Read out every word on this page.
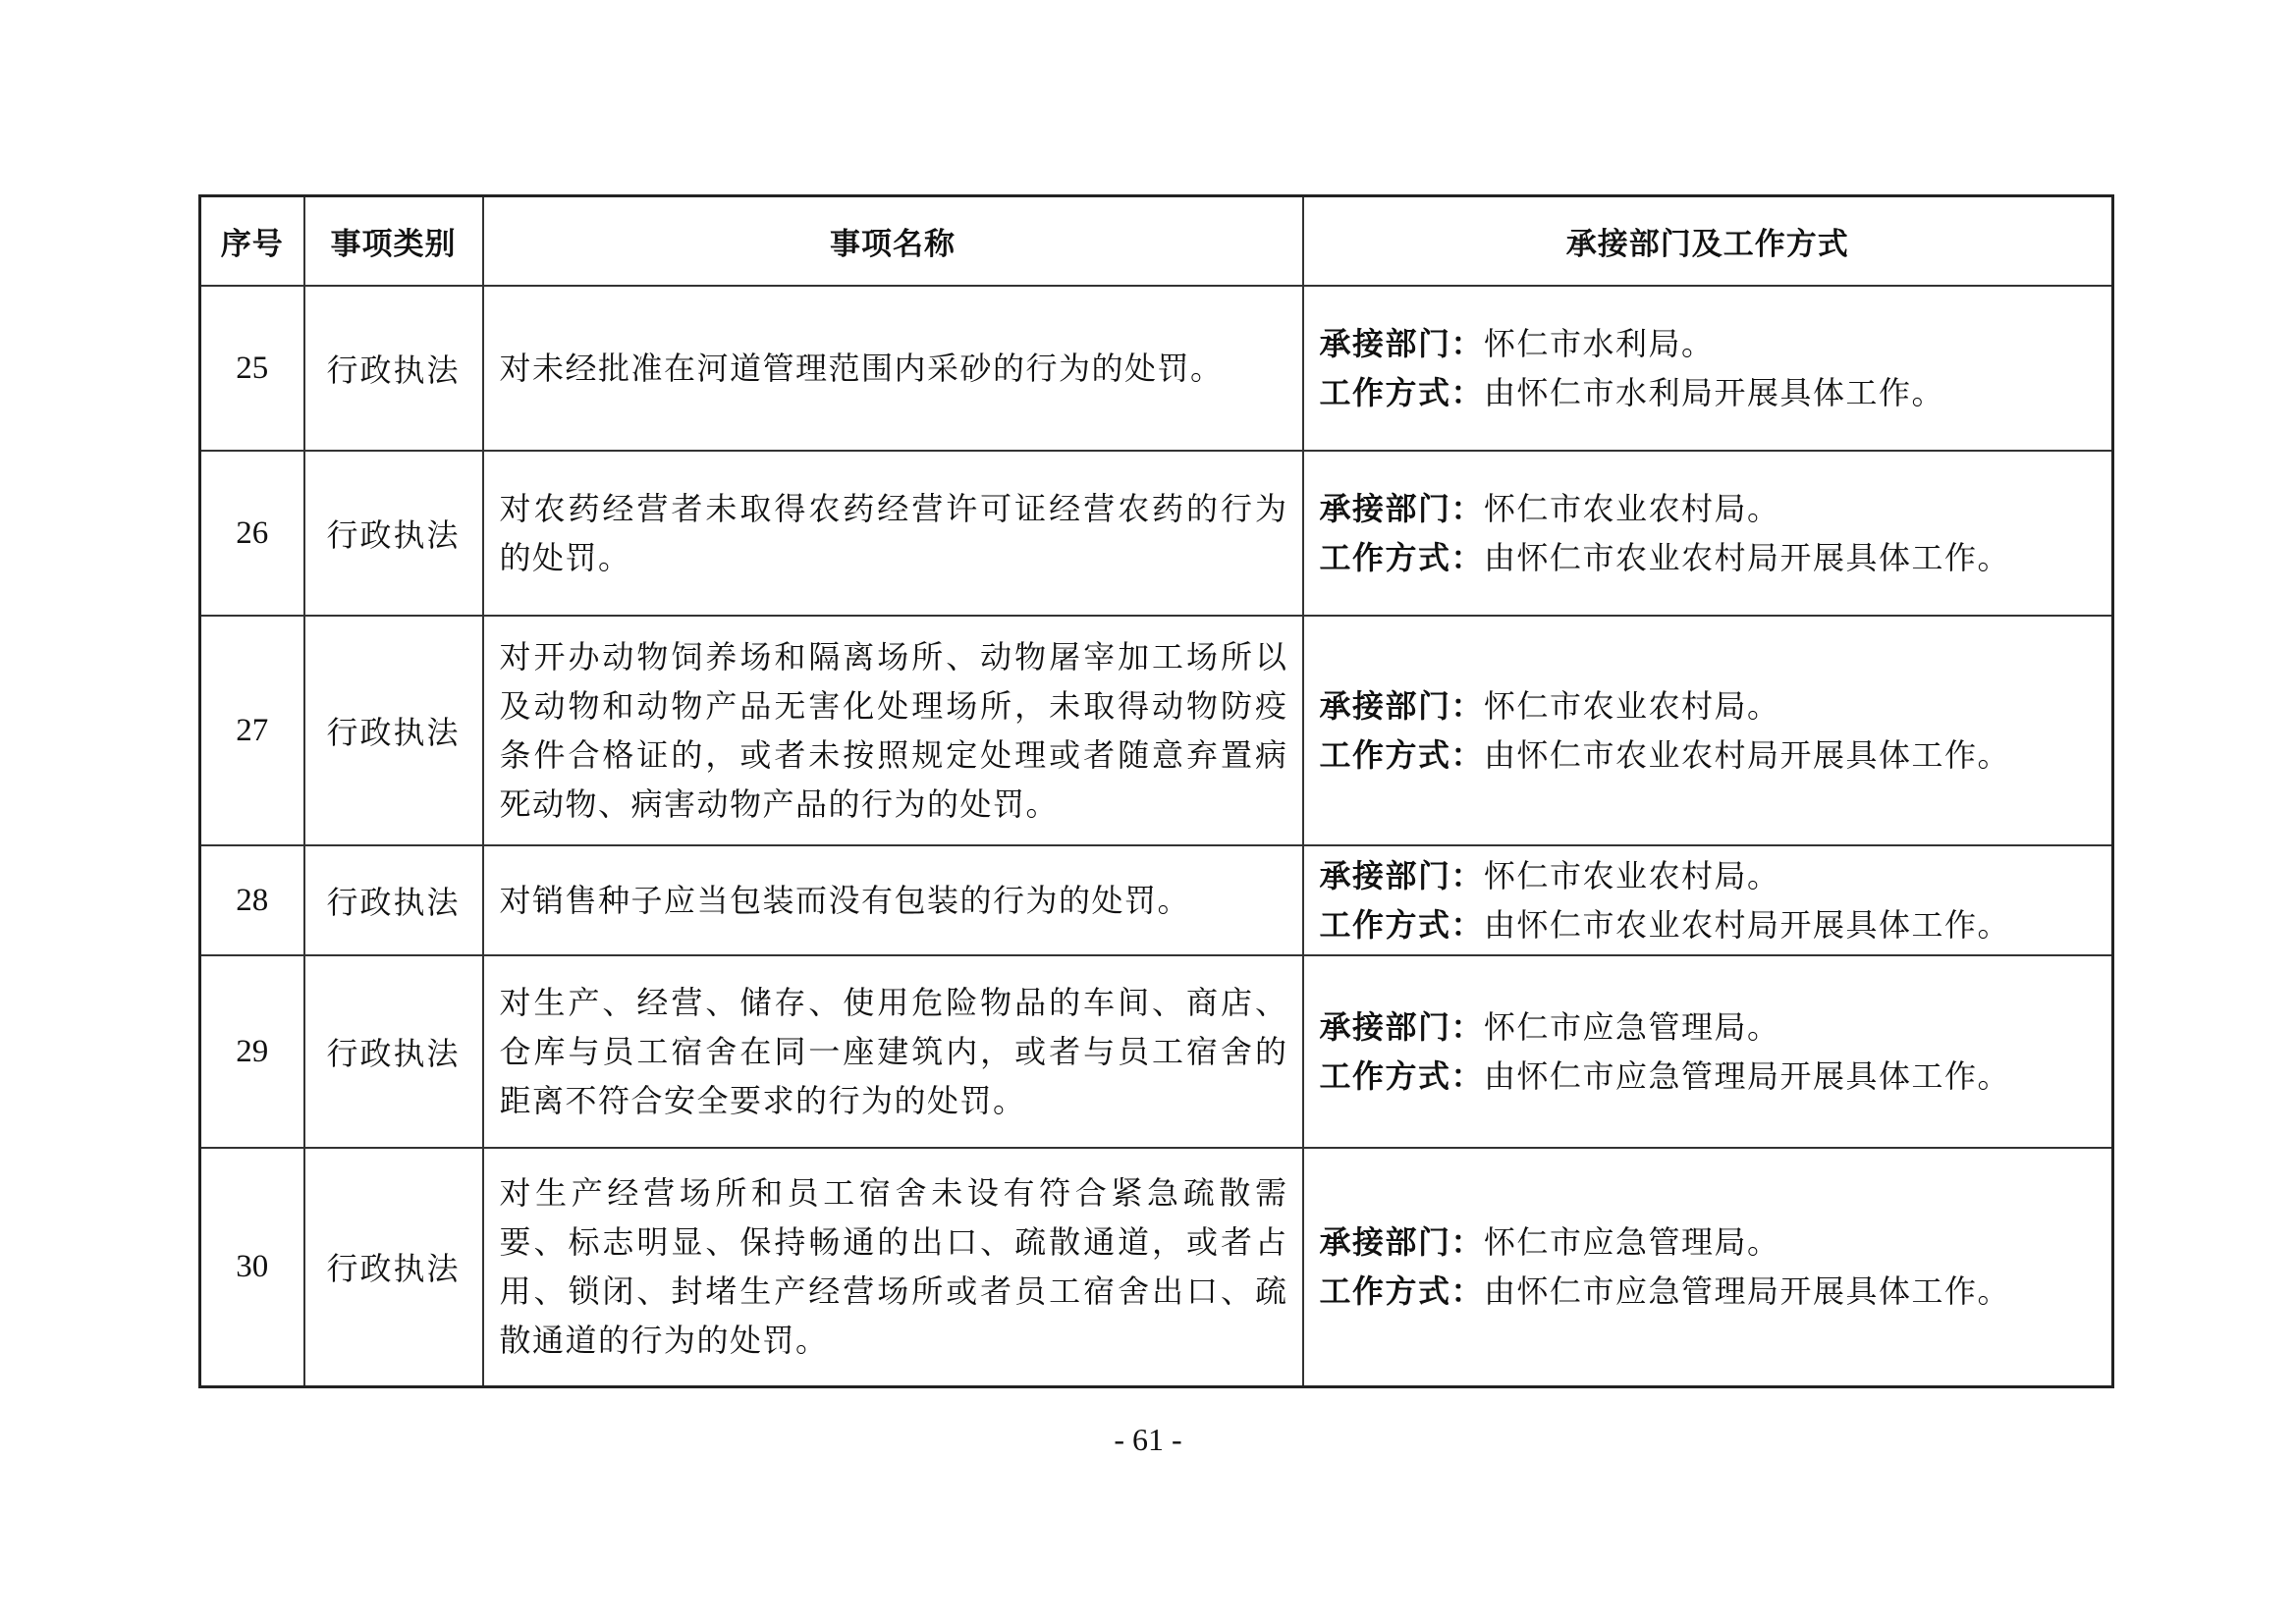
序号	事项类别	事项名称	承接部门及工作方式
25	行政执法	对未经批准在河道管理范围内采砂的行为的处罚。	承接部门：怀仁市水利局。
工作方式：由怀仁市水利局开展具体工作。

26	行政执法	对农药经营者未取得农药经营许可证经营农药的行为的处罚。	承接部门：怀仁市农业农村局。
工作方式：由怀仁市农业农村局开展具体工作。

27	行政执法	对开办动物饲养场和隔离场所、动物屠宰加工场所以及动物和动物产品无害化处理场所，未取得动物防疫条件合格证的，或者未按照规定处理或者随意弃置病死动物、病害动物产品的行为的处罚。	承接部门：怀仁市农业农村局。
工作方式：由怀仁市农业农村局开展具体工作。

28	行政执法	对销售种子应当包装而没有包装的行为的处罚。	承接部门：怀仁市农业农村局。
工作方式：由怀仁市农业农村局开展具体工作。

29	行政执法	对生产、经营、储存、使用危险物品的车间、商店、仓库与员工宿舍在同一座建筑内，或者与员工宿舍的距离不符合安全要求的行为的处罚。	承接部门：怀仁市应急管理局。
工作方式：由怀仁市应急管理局开展具体工作。

30	行政执法	对生产经营场所和员工宿舍未设有符合紧急疏散需要、标志明显、保持畅通的出口、疏散通道，或者占用、锁闭、封堵生产经营场所或者员工宿舍出口、疏散通道的行为的处罚。	承接部门：怀仁市应急管理局。
工作方式：由怀仁市应急管理局开展具体工作。
- 61 -
